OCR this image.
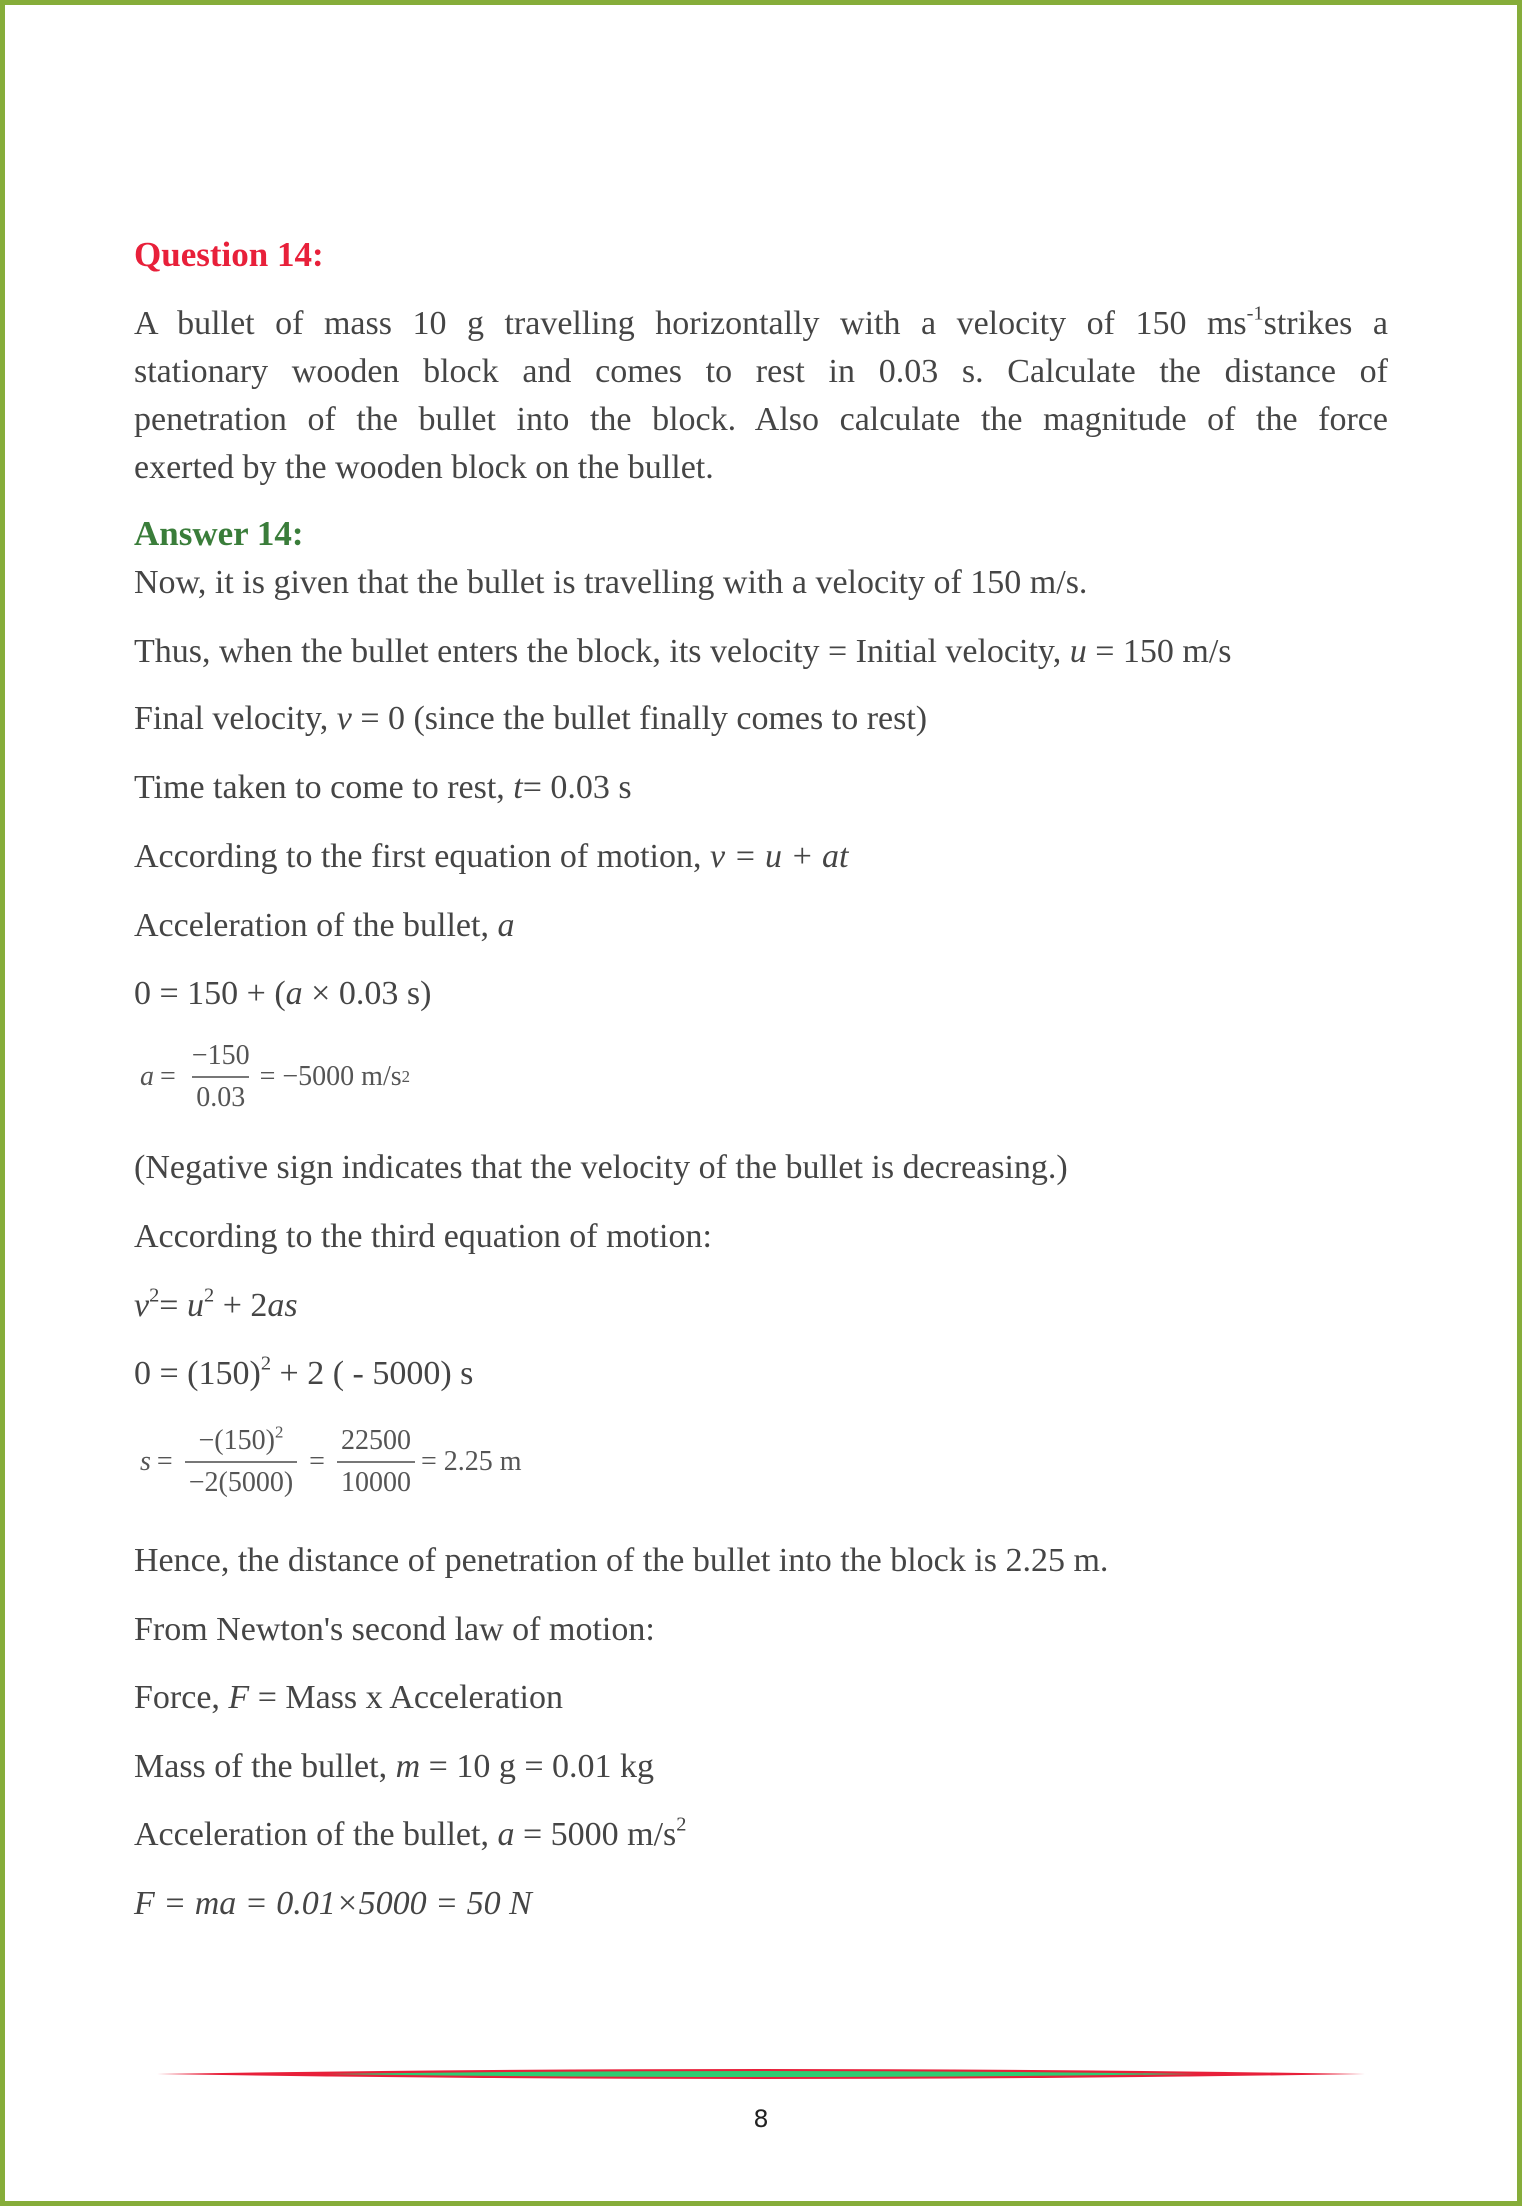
Question 14:
A bullet of mass 10 g travelling horizontally with a velocity of 150 $ms^{-1}strikes$ a
stationary wooden block and comes to rest in 0.03 s. Calculate the distance of
penetration of the bullet into the block. Also calculate the magnitude of the force
exerted by the wooden block on the bullet.
Answer 14:
Now, it is given that the bullet is travelling with a velocity of 150 m/s.
Thus, when the bullet enters the block, its velocity = Initial velocity, u = 150 m/s
Final velocity, v = 0 (since the bullet finally comes to rest)
Time taken to come to rest, t= 0.03 s
According to the first equation of motion, v = u + at
Acceleration of the bullet, a
0 = 150 + (a × 0.03 s)
$a = \frac{-150}{0.03} = -5000$ m/s 2
(Negative sign indicates that the velocity of the bullet is decreasing.)
According to the third equation of motion:
$v^2= u^2 + 2as$
$0 = (150)^2 + 2$ ( - 5000) s
$s = \frac{-(150)^2}{-2(5000)} = \frac{22500}{10000} = 2.25$ m
Hence, the distance of penetration of the bullet into the block is 2.25 m.
From Newton's second law of motion:
Force, F = Mass x Acceleration
Mass of the bullet, m = 10 g = 0.01 kg
Acceleration of the bullet, a = 5000 $m/s^2$
F = ma = 0.01×5000 = 50 N
8
